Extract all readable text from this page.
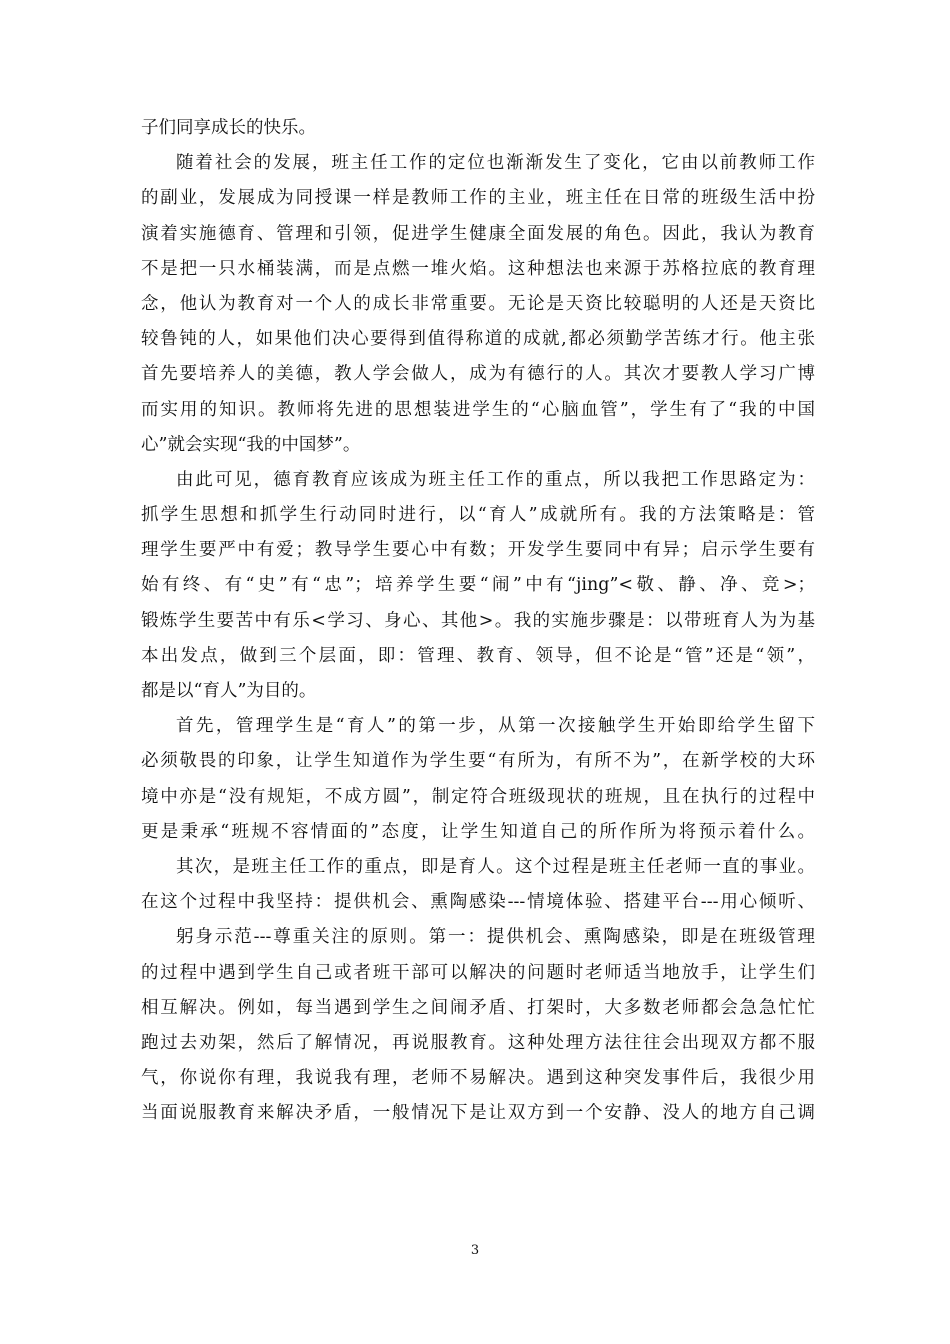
子们同享成长的快乐。
随着社会的发展，班主任工作的定位也渐渐发生了变化，它由以前教师工作
的副业，发展成为同授课一样是教师工作的主业，班主任在日常的班级生活中扮
演着实施德育、管理和引领，促进学生健康全面发展的角色。因此，我认为教育
不是把一只水桶装满，而是点燃一堆火焰。这种想法也来源于苏格拉底的教育理
念，他认为教育对一个人的成长非常重要。无论是天资比较聪明的人还是天资比
较鲁钝的人，如果他们决心要得到值得称道的成就,都必须勤学苦练才行。他主张
首先要培养人的美德，教人学会做人，成为有德行的人。其次才要教人学习广博
而实用的知识。教师将先进的思想装进学生的“心脑血管”，学生有了“我的中国
心”就会实现“我的中国梦”。
由此可见，德育教育应该成为班主任工作的重点，所以我把工作思路定为：
抓学生思想和抓学生行动同时进行，以“育人”成就所有。我的方法策略是：管
理学生要严中有爱；教导学生要心中有数；开发学生要同中有异；启示学生要有
始有终、有“史”有“忠”；培养学生要“闹”中有“jing”<敬、静、净、竞>；
锻炼学生要苦中有乐<学习、身心、其他>。我的实施步骤是：以带班育人为为基
本出发点，做到三个层面，即：管理、教育、领导，但不论是“管”还是“领”，
都是以“育人”为目的。
首先，管理学生是“育人”的第一步，从第一次接触学生开始即给学生留下
必须敬畏的印象，让学生知道作为学生要“有所为，有所不为”，在新学校的大环
境中亦是“没有规矩，不成方圆”，制定符合班级现状的班规，且在执行的过程中
更是秉承“班规不容情面的”态度，让学生知道自己的所作所为将预示着什么。
其次，是班主任工作的重点，即是育人。这个过程是班主任老师一直的事业。
在这个过程中我坚持：提供机会、熏陶感染---情境体验、搭建平台---用心倾听、
躬身示范---尊重关注的原则。第一：提供机会、熏陶感染，即是在班级管理
的过程中遇到学生自己或者班干部可以解决的问题时老师适当地放手，让学生们
相互解决。例如，每当遇到学生之间闹矛盾、打架时，大多数老师都会急急忙忙
跑过去劝架，然后了解情况，再说服教育。这种处理方法往往会出现双方都不服
气，你说你有理，我说我有理，老师不易解决。遇到这种突发事件后，我很少用
当面说服教育来解决矛盾，一般情况下是让双方到一个安静、没人的地方自己调
3
